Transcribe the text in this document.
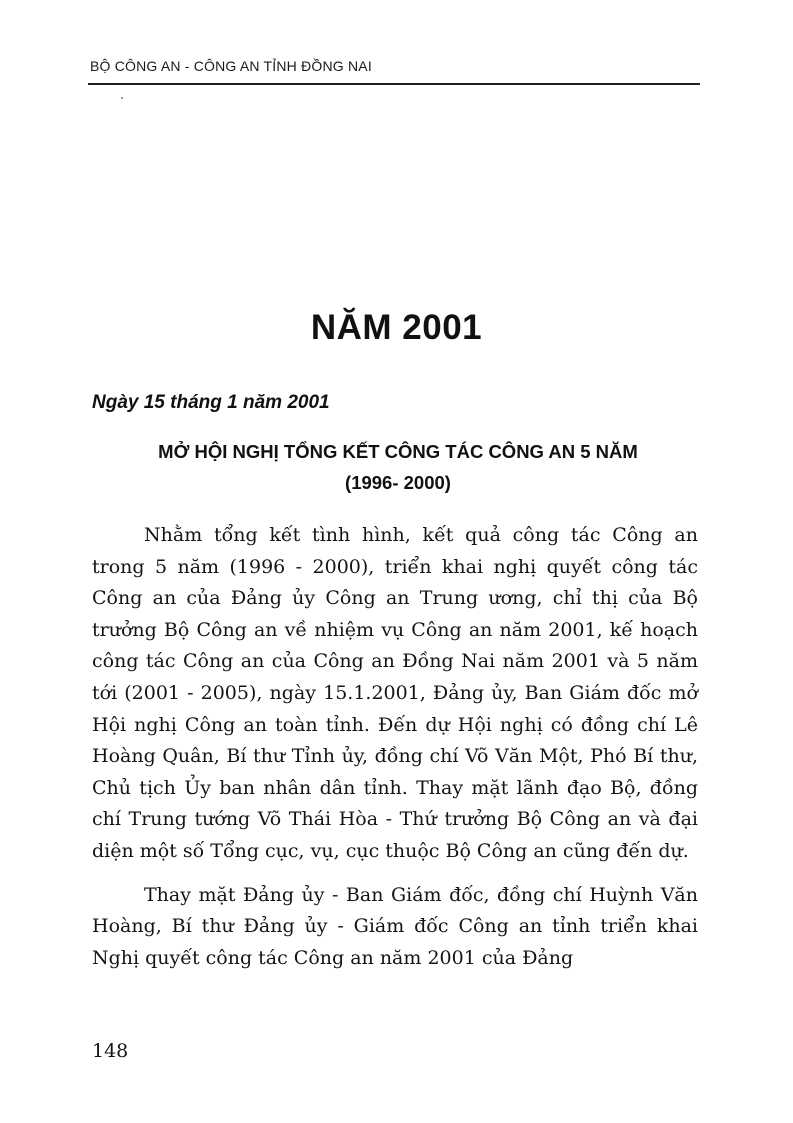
BỘ CÔNG AN - CÔNG AN TỈNH ĐỒNG NAI
NĂM 2001
Ngày 15 tháng 1 năm 2001
MỞ HỘI NGHỊ TỔNG KẾT CÔNG TÁC CÔNG AN 5 NĂM
(1996- 2000)

Nhằm tổng kết tình hình, kết quả công tác Công an trong 5 năm (1996 - 2000), triển khai nghị quyết công tác Công an của Đảng ủy Công an Trung ương, chỉ thị của Bộ trưởng Bộ Công an về nhiệm vụ Công an năm 2001, kế hoạch công tác Công an của Công an Đồng Nai năm 2001 và 5 năm tới (2001 - 2005), ngày 15.1.2001, Đảng ủy, Ban Giám đốc mở Hội nghị Công an toàn tỉnh. Đến dự Hội nghị có đồng chí Lê Hoàng Quân, Bí thư Tỉnh ủy, đồng chí Võ Văn Một, Phó Bí thư, Chủ tịch Ủy ban nhân dân tỉnh. Thay mặt lãnh đạo Bộ, đồng chí Trung tướng Võ Thái Hòa - Thứ trưởng Bộ Công an và đại diện một số Tổng cục, vụ, cục thuộc Bộ Công an cũng đến dự.

Thay mặt Đảng ủy - Ban Giám đốc, đồng chí Huỳnh Văn Hoàng, Bí thư Đảng ủy - Giám đốc Công an tỉnh triển khai Nghị quyết công tác Công an năm 2001 của Đảng

148
